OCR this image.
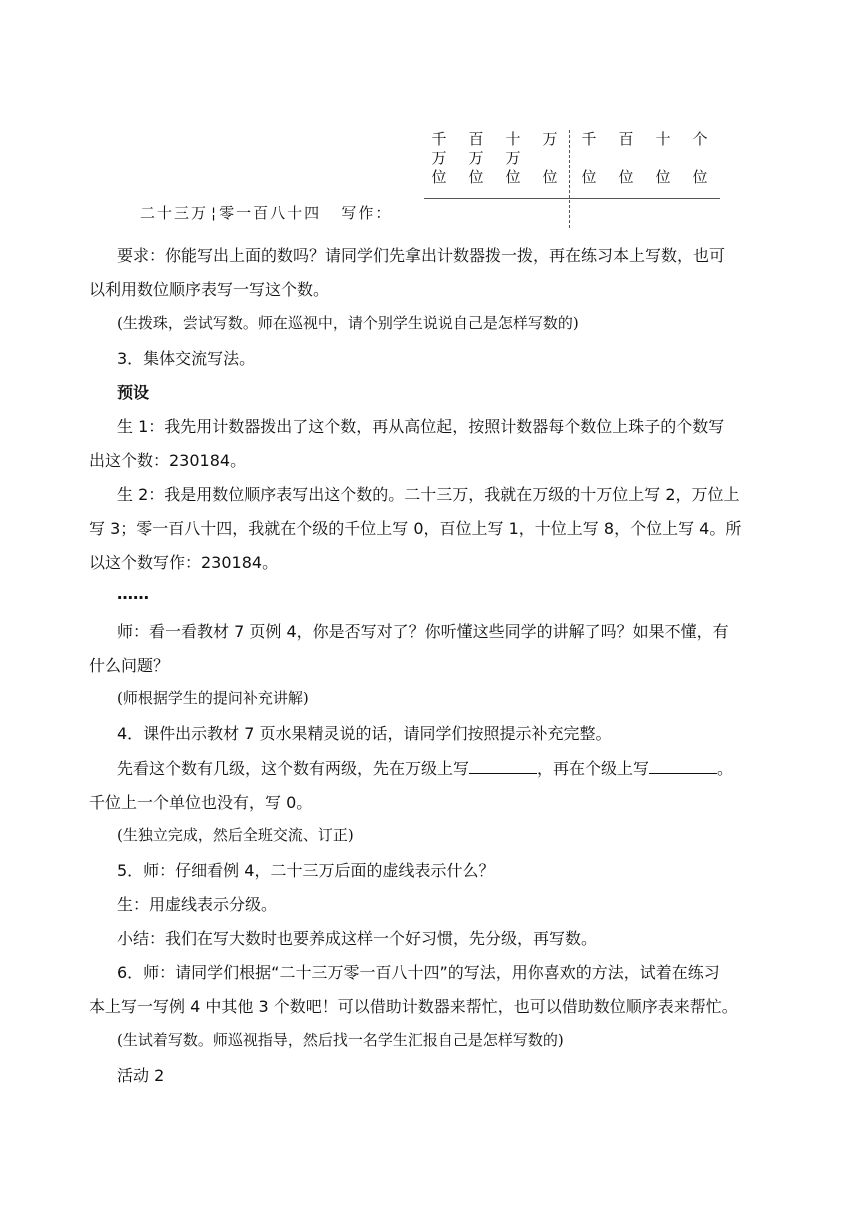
千
万
位
百
万
位
十
万
位
万
位
千
位
百
位
十
位
个
位
二十三万 ¦ 零一百八十四 写作：
要求：你能写出上面的数吗？请同学们先拿出计数器拨一拨，再在练习本上写数，也可
以利用数位顺序表写一写这个数。
(生拨珠，尝试写数。师在巡视中，请个别学生说说自己是怎样写数的)
3．集体交流写法。
预设
生 1：我先用计数器拨出了这个数，再从高位起，按照计数器每个数位上珠子的个数写
出这个数：230184。
生 2：我是用数位顺序表写出这个数的。二十三万，我就在万级的十万位上写 2，万位上
写 3；零一百八十四，我就在个级的千位上写 0，百位上写 1，十位上写 8，个位上写 4。所
以这个数写作：230184。
……
师：看一看教材 7 页例 4，你是否写对了？你听懂这些同学的讲解了吗？如果不懂，有
什么问题？
(师根据学生的提问补充讲解)
4．课件出示教材 7 页水果精灵说的话，请同学们按照提示补充完整。
先看这个数有几级，这个数有两级，先在万级上写	，再在个级上写	。
千位上一个单位也没有，写 0。
(生独立完成，然后全班交流、订正)
5．师：仔细看例 4，二十三万后面的虚线表示什么？
生：用虚线表示分级。
小结：我们在写大数时也要养成这样一个好习惯，先分级，再写数。
6．师：请同学们根据“二十三万零一百八十四”的写法，用你喜欢的方法，试着在练习
本上写一写例 4 中其他 3 个数吧！可以借助计数器来帮忙，也可以借助数位顺序表来帮忙。
(生试着写数。师巡视指导，然后找一名学生汇报自己是怎样写数的)
活动 2
